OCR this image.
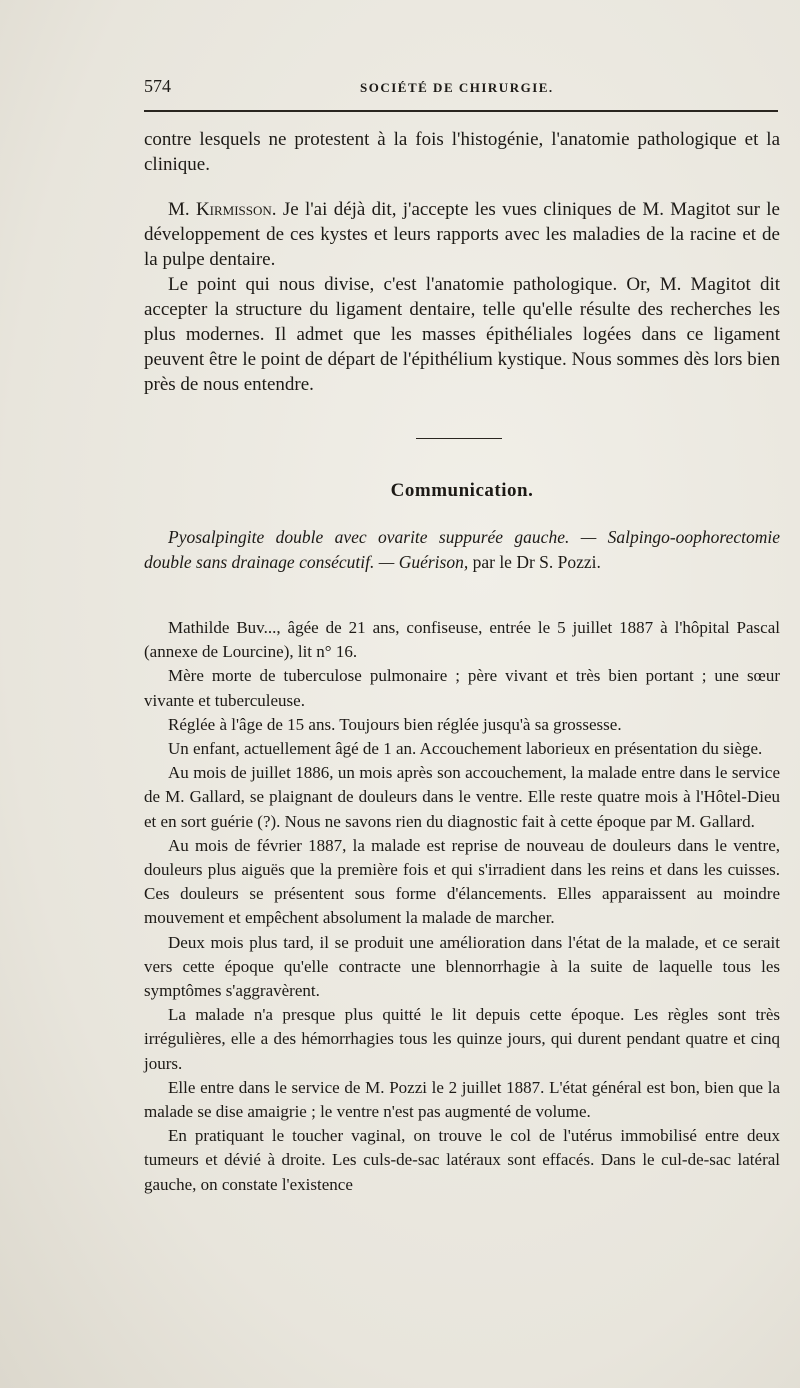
574	SOCIÉTÉ DE CHIRURGIE.

contre lesquels ne protestent à la fois l'histogénie, l'anatomie pathologique et la clinique.

M. Kirmisson. Je l'ai déjà dit, j'accepte les vues cliniques de M. Magitot sur le développement de ces kystes et leurs rapports avec les maladies de la racine et de la pulpe dentaire.

Le point qui nous divise, c'est l'anatomie pathologique. Or, M. Magitot dit accepter la structure du ligament dentaire, telle qu'elle résulte des recherches les plus modernes. Il admet que les masses épithéliales logées dans ce ligament peuvent être le point de départ de l'épithélium kystique. Nous sommes dès lors bien près de nous entendre.

Communication.

Pyosalpingite double avec ovarite suppurée gauche. — Salpingo-oophorectomie double sans drainage consécutif. — Guérison, par le Dr S. Pozzi.

Mathilde Buv..., âgée de 21 ans, confiseuse, entrée le 5 juillet 1887 à l'hôpital Pascal (annexe de Lourcine), lit n° 16.

Mère morte de tuberculose pulmonaire ; père vivant et très bien portant ; une sœur vivante et tuberculeuse.

Réglée à l'âge de 15 ans. Toujours bien réglée jusqu'à sa grossesse.

Un enfant, actuellement âgé de 1 an. Accouchement laborieux en présentation du siège.

Au mois de juillet 1886, un mois après son accouchement, la malade entre dans le service de M. Gallard, se plaignant de douleurs dans le ventre. Elle reste quatre mois à l'Hôtel-Dieu et en sort guérie (?). Nous ne savons rien du diagnostic fait à cette époque par M. Gallard.

Au mois de février 1887, la malade est reprise de nouveau de douleurs dans le ventre, douleurs plus aiguës que la première fois et qui s'irradient dans les reins et dans les cuisses. Ces douleurs se présentent sous forme d'élancements. Elles apparaissent au moindre mouvement et empêchent absolument la malade de marcher.

Deux mois plus tard, il se produit une amélioration dans l'état de la malade, et ce serait vers cette époque qu'elle contracte une blennorrhagie à la suite de laquelle tous les symptômes s'aggravèrent.

La malade n'a presque plus quitté le lit depuis cette époque. Les règles sont très irrégulières, elle a des hémorrhagies tous les quinze jours, qui durent pendant quatre et cinq jours.

Elle entre dans le service de M. Pozzi le 2 juillet 1887. L'état général est bon, bien que la malade se dise amaigrie ; le ventre n'est pas augmenté de volume.

En pratiquant le toucher vaginal, on trouve le col de l'utérus immobilisé entre deux tumeurs et dévié à droite. Les culs-de-sac latéraux sont effacés. Dans le cul-de-sac latéral gauche, on constate l'existence
